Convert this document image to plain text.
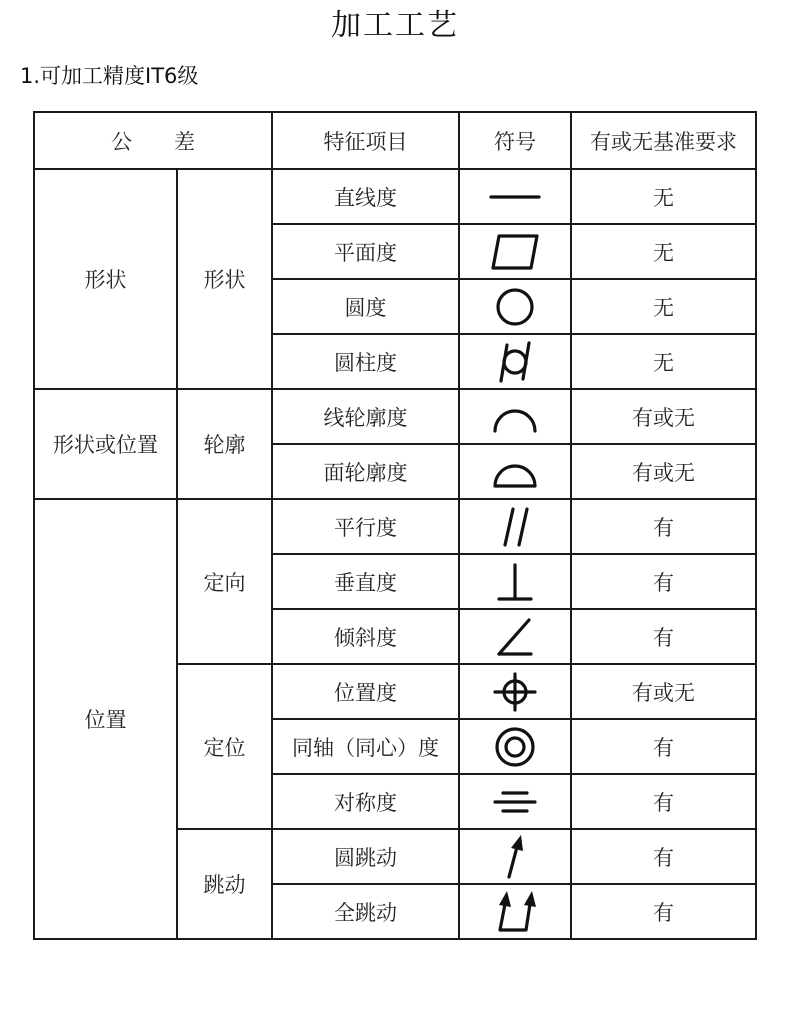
加工工艺
1.可加工精度IT6级
公　　差		特征项目	符号	有或无基准要求
形状	形状	直线度		无
		平面度		无
		圆度		无
		圆柱度		无
形状或位置	轮廓	线轮廓度		有或无
		面轮廓度		有或无
位置	定向	平行度		有
		垂直度		有
		倾斜度		有
	定位	位置度		有或无
		同轴（同心）度		有
		对称度		有
	跳动	圆跳动		有
		全跳动		有
